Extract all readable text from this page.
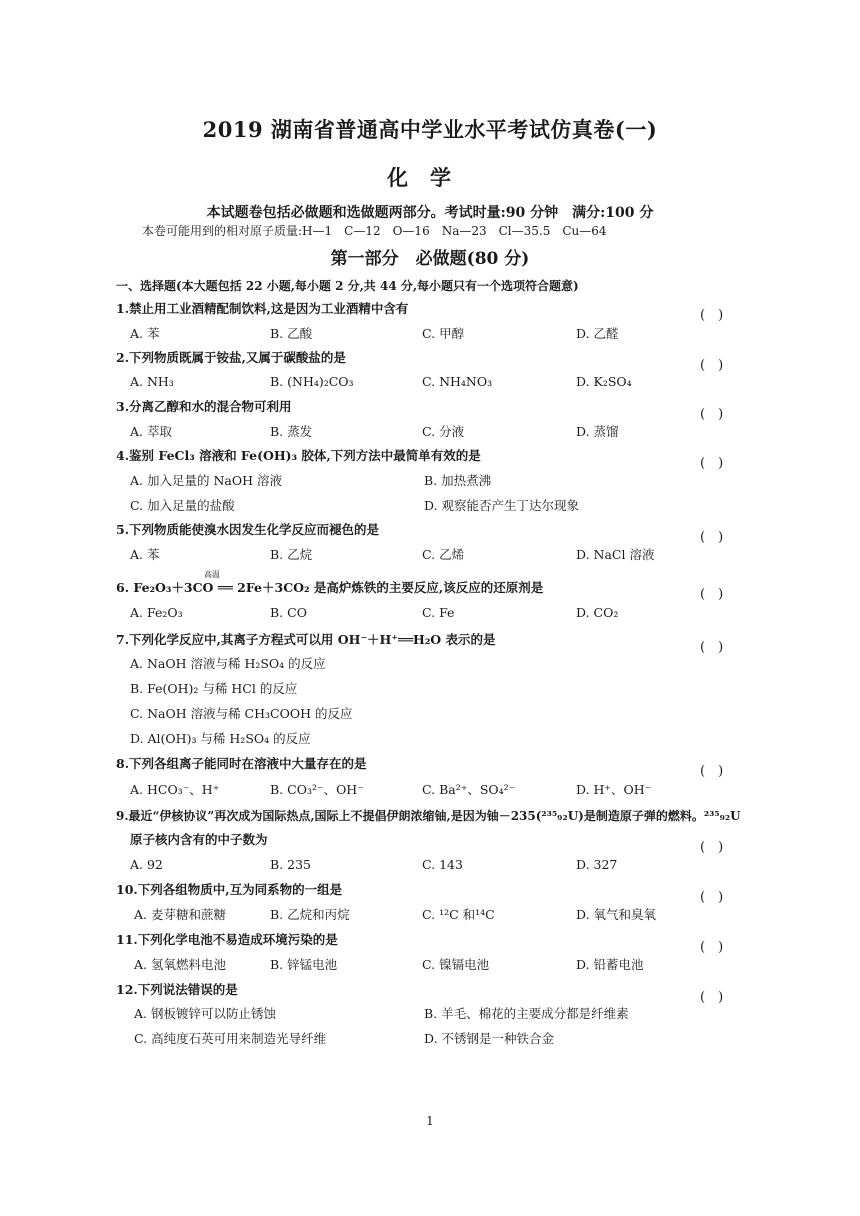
2019 湖南省普通高中学业水平考试仿真卷(一)
化学
本试题卷包括必做题和选做题两部分。考试时量:90 分钟　满分:100 分
本卷可能用到的相对原子质量:H—1　C—12　O—16　Na—23　Cl—35.5　Cu—64
第一部分　必做题(80 分)
一、选择题(本大题包括 22 小题,每小题 2 分,共 44 分,每小题只有一个选项符合题意)
1.禁止用工业酒精配制饮料,这是因为工业酒精中含有	(　)
A. 苯	B. 乙酸	C. 甲醇	D. 乙醛
2.下列物质既属于铵盐,又属于碳酸盐的是
(　)
A. NH₃	B. (NH₄)₂CO₃	C. NH₄NO₃	D. K₂SO₄
3.分离乙醇和水的混合物可利用
(　)
A. 萃取	B. 蒸发	C. 分液	D. 蒸馏
4.鉴别 FeCl₃ 溶液和 Fe(OH)₃ 胶体,下列方法中最简单有效的是
(　)
A. 加入足量的 NaOH 溶液	B. 加热煮沸
C. 加入足量的盐酸	D. 观察能否产生丁达尔现象
5.下列物质能使溴水因发生化学反应而褪色的是
(　)
A. 苯	B. 乙烷	C. 乙烯	D. NaCl 溶液
高温
6. Fe₂O₃＋3CO ══ 2Fe＋3CO₂ 是高炉炼铁的主要反应,该反应的还原剂是	(　)
A. Fe₂O₃	B. CO	C. Fe	D. CO₂
7.下列化学反应中,其离子方程式可以用 OH⁻＋H⁺══H₂O 表示的是
(　)
A. NaOH 溶液与稀 H₂SO₄ 的反应
B. Fe(OH)₂ 与稀 HCl 的反应
C. NaOH 溶液与稀 CH₃COOH 的反应
D. Al(OH)₃ 与稀 H₂SO₄ 的反应
8.下列各组离子能同时在溶液中大量存在的是
(　)
A. HCO₃⁻、H⁺	B. CO₃²⁻、OH⁻	C. Ba²⁺、SO₄²⁻	D. H⁺、OH⁻
9.最近“伊核协议”再次成为国际热点,国际上不提倡伊朗浓缩铀,是因为铀－235(²³⁵₉₂U)是制造原子弹的燃料。²³⁵₉₂U
原子核内含有的中子数为
(　)
A. 92	B. 235	C. 143	D. 327
10.下列各组物质中,互为同系物的一组是
(　)
A. 麦芽糖和蔗糖	B. 乙烷和丙烷	C. ¹²C 和¹⁴C	D. 氧气和臭氧
11.下列化学电池不易造成环境污染的是
(　)
A. 氢氧燃料电池	B. 锌锰电池	C. 镍镉电池	D. 铅蓄电池
12.下列说法错误的是
(　)
A. 钢板镀锌可以防止锈蚀	B. 羊毛、棉花的主要成分都是纤维素
C. 高纯度石英可用来制造光导纤维	D. 不锈钢是一种铁合金
1
